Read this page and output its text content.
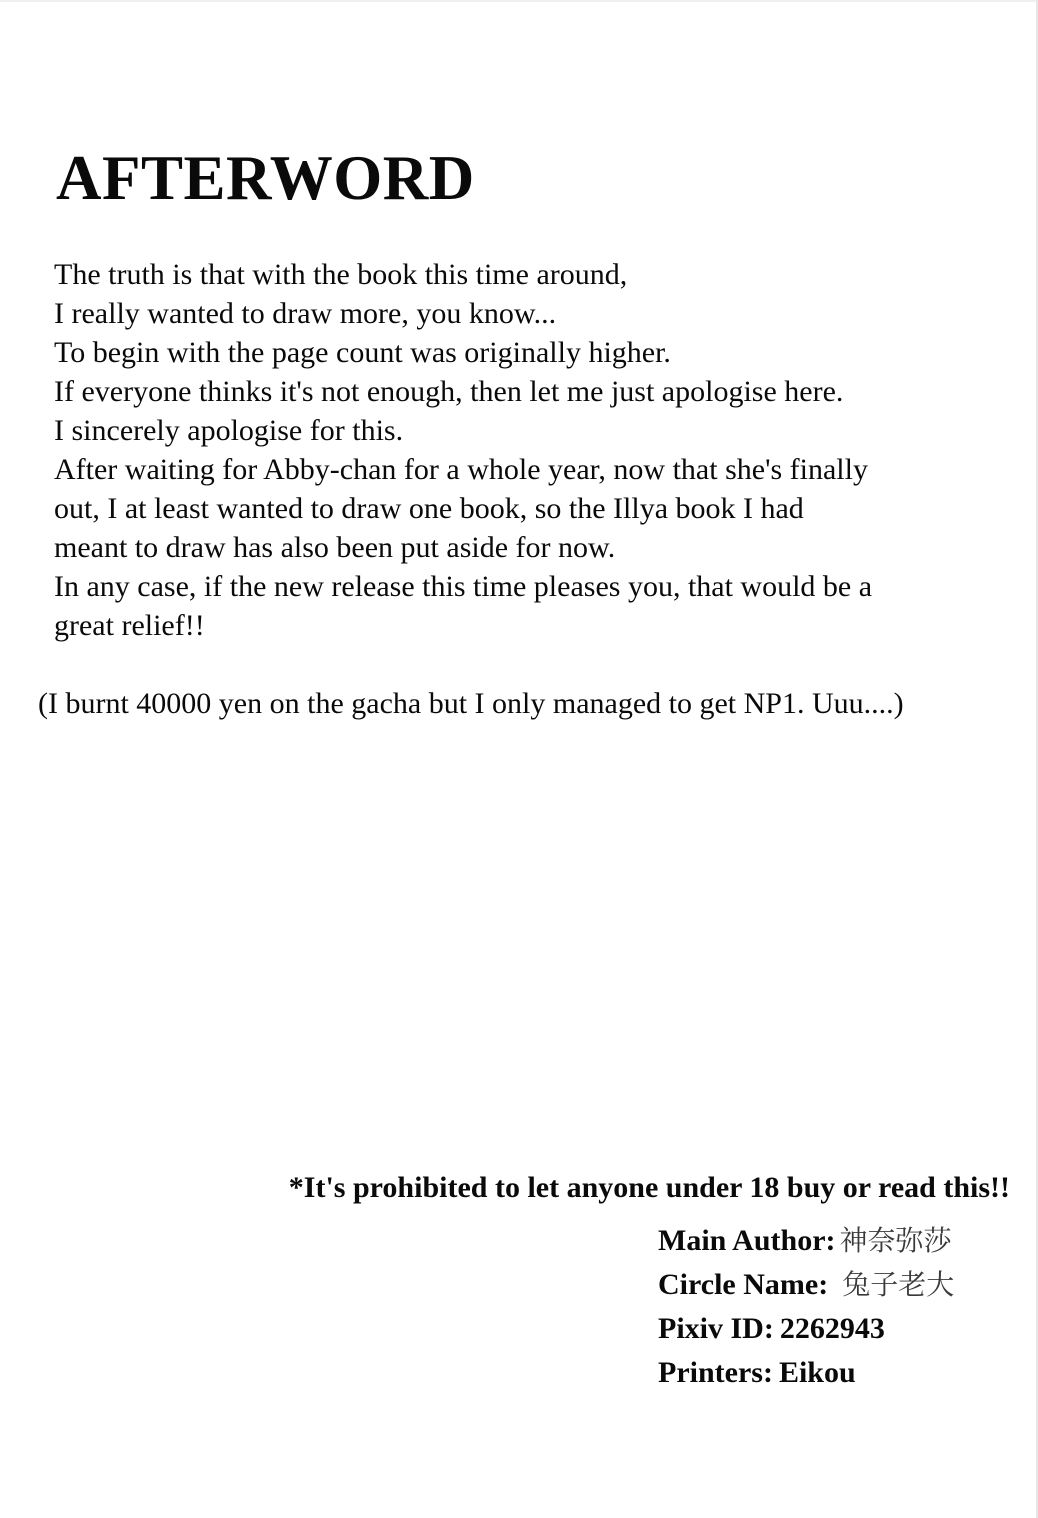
AFTERWORD
The truth is that with the book this time around,
I really wanted to draw more, you know...
To begin with the page count was originally higher.
If everyone thinks it's not enough, then let me just apologise here.
I sincerely apologise for this.
After waiting for Abby-chan for a whole year, now that she's finally
out, I at least wanted to draw one book, so the Illya book I had
meant to draw has also been put aside for now.
In any case, if the new release this time pleases you, that would be a
great relief!!
(I burnt 40000 yen on the gacha but I only managed to get NP1. Uuu....)
*It's prohibited to let anyone under 18 buy or read this!!
Main Author: 神奈弥莎
Circle Name: 兔子老大
Pixiv ID: 2262943
Printers: Eikou
